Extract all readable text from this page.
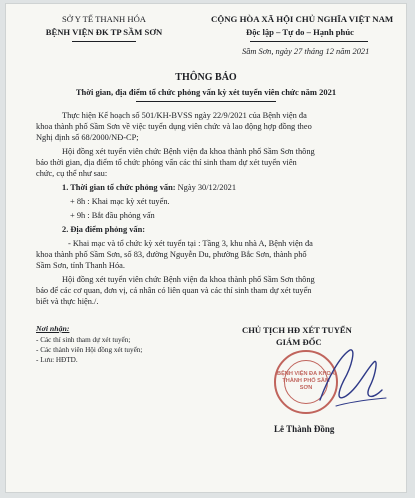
SỞ Y TẾ THANH HÓA
BỆNH VIỆN ĐK TP SẦM SƠN
CỘNG HÒA XÃ HỘI CHỦ NGHĨA VIỆT NAM
Độc lập – Tự do – Hạnh phúc
Sầm Sơn, ngày 27 tháng 12 năm 2021
THÔNG BÁO
Thời gian, địa điểm tổ chức phỏng vấn kỳ xét tuyển viên chức năm 2021
Thực hiện Kế hoạch số 501/KH-BVSS ngày 22/9/2021 của Bệnh viện đa
khoa thành phố Sầm Sơn về việc tuyển dụng viên chức và lao động hợp đồng theo
Nghị định số 68/2000/NĐ-CP;
Hội đồng xét tuyển viên chức Bệnh viện đa khoa thành phố Sầm Sơn thông
báo thời gian, địa điểm tổ chức phỏng vấn các thí sinh tham dự xét tuyển viên
chức, cụ thể như sau:
1. Thời gian tổ chức phỏng vấn: Ngày 30/12/2021
+ 8h : Khai mạc kỳ xét tuyển.
+ 9h : Bắt đầu phỏng vấn
2. Địa điểm phỏng vấn:
- Khai mạc và tổ chức kỳ xét tuyển tại : Tầng 3, khu nhà A, Bệnh viện đa
khoa thành phố Sầm Sơn, số 83, đường Nguyễn Du, phường Bắc Sơn, thành phố
Sầm Sơn, tỉnh Thanh Hóa.
Hội đồng xét tuyển viên chức Bệnh viện đa khoa thành phố Sầm Sơn thông
báo để các cơ quan, đơn vị, cá nhân có liên quan và các thí sinh tham dự xét tuyển
biết và thực hiện./.
Nơi nhận:
- Các thí sinh tham dự xét tuyển;
- Các thành viên Hội đồng xét tuyển;
- Lưu: HĐTD.
CHỦ TỊCH HĐ XÉT TUYỂN
GIÁM ĐỐC
BỆNH VIỆN ĐA KHOA THÀNH PHỐ SẦM SƠN
Lê Thành Đồng
